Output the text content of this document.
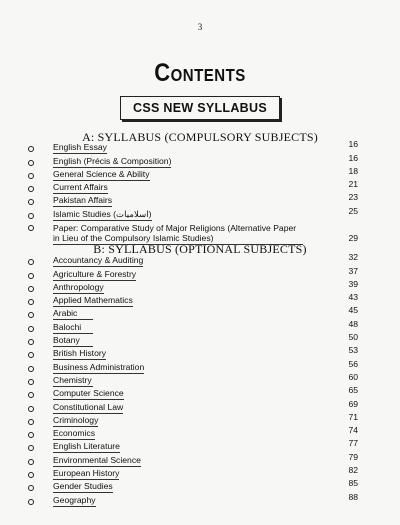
3
Contents
CSS NEW SYLLABUS
A: SYLLABUS (COMPULSORY SUBJECTS)
English Essay	16
English (Précis & Composition)	16
General Science & Ability	18
Current Affairs	21
Pakistan Affairs	23
Islamic Studies (اسلامیات)	25
Paper: Comparative Study of Major Religions (Alternative Paper in Lieu of the Compulsory Islamic Studies)	29
B: SYLLABUS (OPTIONAL SUBJECTS)
Accountancy & Auditing	32
Agriculture & Forestry	37
Anthropology	39
Applied Mathematics	43
Arabic	45
Balochi	48
Botany	50
British History	53
Business Administration	56
Chemistry	60
Computer Science	65
Constitutional Law	69
Criminology	71
Economics	74
English Literature	77
Environmental Science	79
European History	82
Gender Studies	85
Geography	88
